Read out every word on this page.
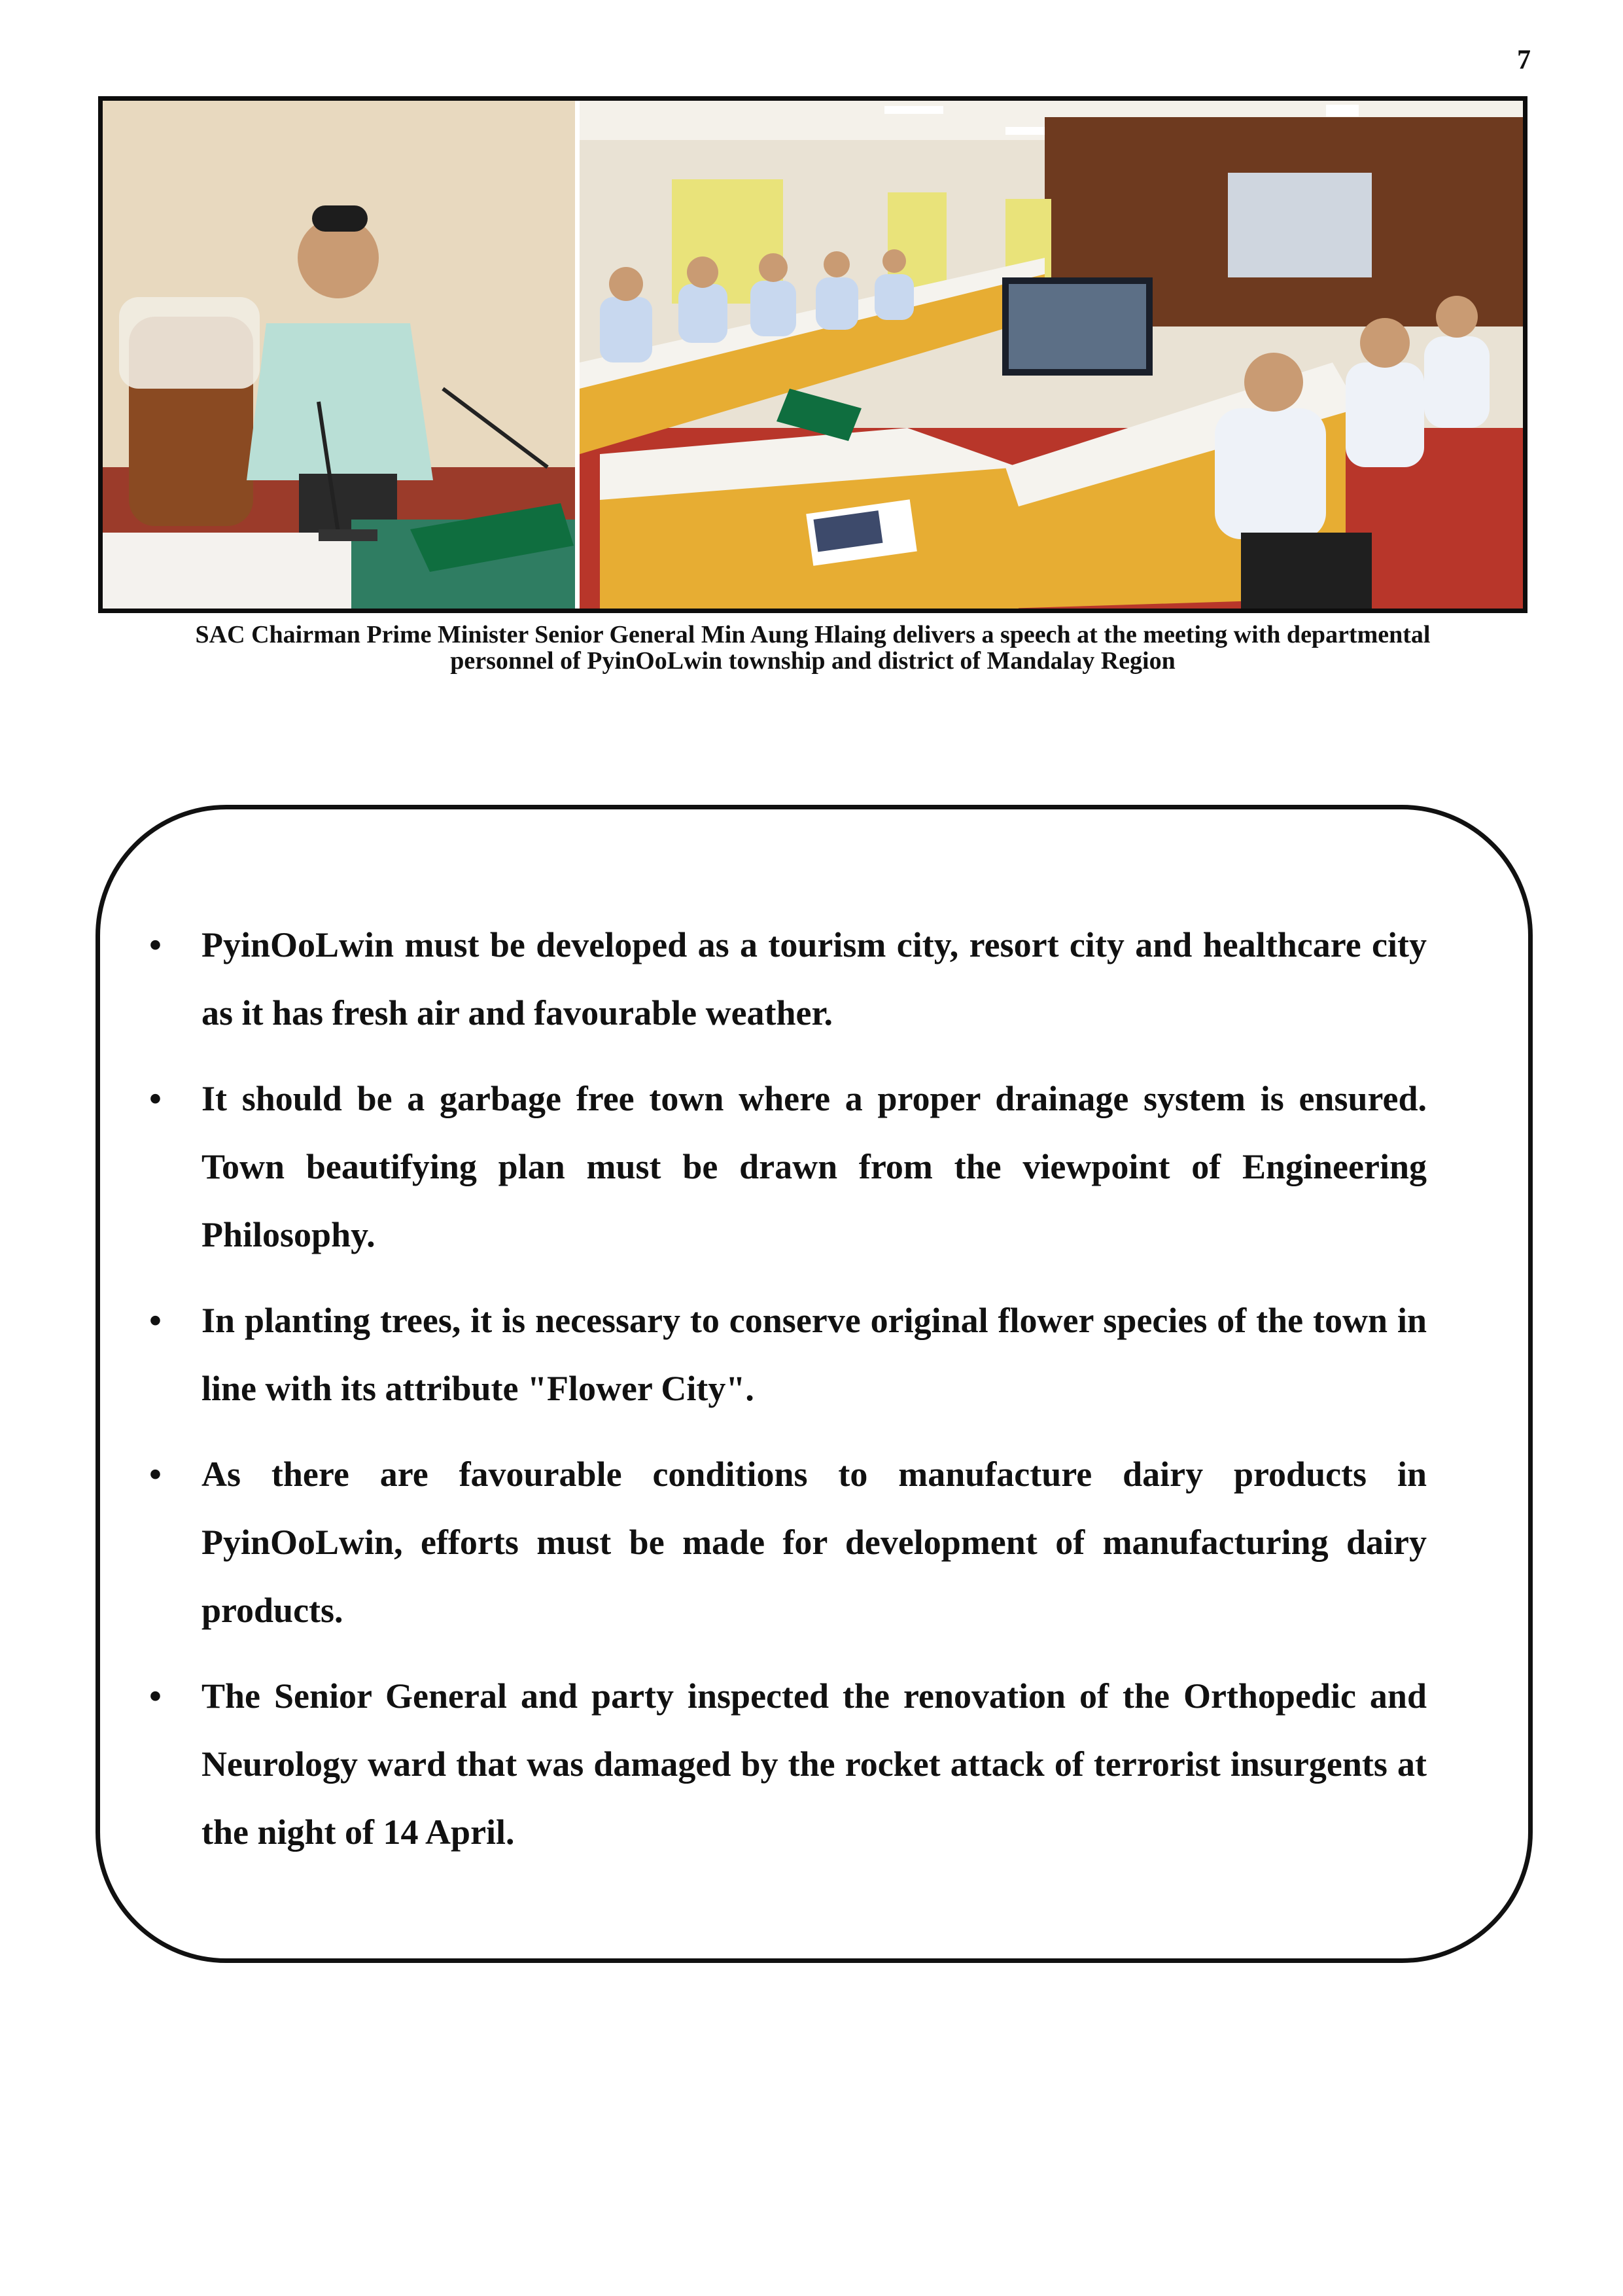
7
SAC Chairman Prime Minister Senior General Min Aung Hlaing delivers a speech at the meeting with departmental
personnel of PyinOoLwin township and district of Mandalay Region
• PyinOoLwin must be developed as a tourism city, resort city and healthcare city as it has fresh air and favourable weather.
• It should be a garbage free town where a proper drainage system is ensured. Town beautifying plan must be drawn from the viewpoint of Engineering Philosophy.
• In planting trees, it is necessary to conserve original flower species of the town in line with its attribute "Flower City".
• As there are favourable conditions to manufacture dairy products in PyinOoLwin, efforts must be made for development of manufacturing dairy products.
• The Senior General and party inspected the renovation of the Orthopedic and Neurology ward that was damaged by the rocket attack of terrorist insurgents at the night of 14 April.
